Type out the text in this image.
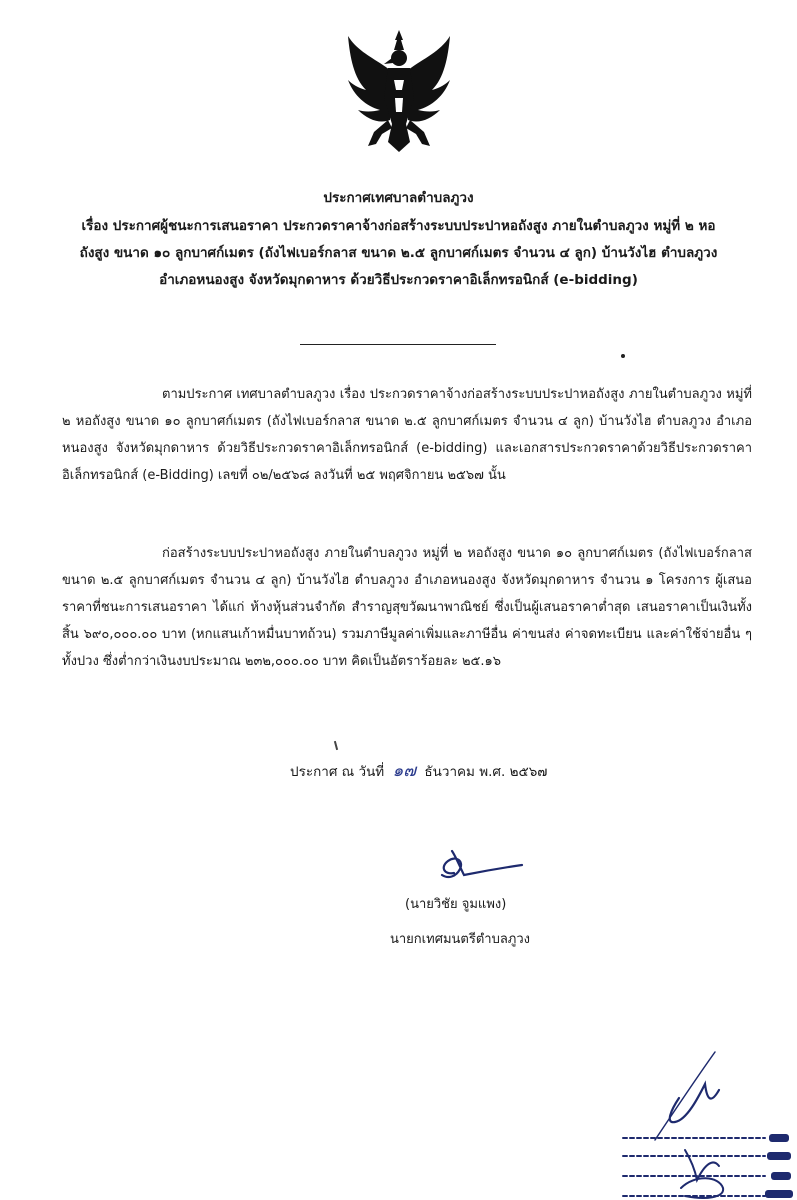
ประกาศเทศบาลตำบลภูวง
เรื่อง ประกาศผู้ชนะการเสนอราคา ประกวดราคาจ้างก่อสร้างระบบประปาหอถังสูง ภายในตำบลภูวง หมู่ที่ ๒ หอ
ถังสูง ขนาด ๑๐ ลูกบาศก์เมตร (ถังไฟเบอร์กลาส ขนาด ๒.๕ ลูกบาศก์เมตร จำนวน ๔ ลูก) บ้านวังไฮ ตำบลภูวง
อำเภอหนองสูง จังหวัดมุกดาหาร ด้วยวิธีประกวดราคาอิเล็กทรอนิกส์ (e-bidding)

ตามประกาศ เทศบาลตำบลภูวง เรื่อง ประกวดราคาจ้างก่อสร้างระบบประปาหอถังสูง ภายในตำบลภูวง หมู่ที่ ๒ หอถังสูง ขนาด ๑๐ ลูกบาศก์เมตร (ถังไฟเบอร์กลาส ขนาด ๒.๕ ลูกบาศก์เมตร จำนวน ๔ ลูก) บ้านวังไฮ ตำบลภูวง อำเภอหนองสูง จังหวัดมุกดาหาร ด้วยวิธีประกวดราคาอิเล็กทรอนิกส์ (e-bidding) และเอกสารประกวดราคาด้วยวิธีประกวดราคาอิเล็กทรอนิกส์ (e-Bidding) เลขที่ ๐๒/๒๕๖๘ ลงวันที่ ๒๕ พฤศจิกายน ๒๕๖๗ นั้น

ก่อสร้างระบบประปาหอถังสูง ภายในตำบลภูวง หมู่ที่ ๒ หอถังสูง ขนาด ๑๐ ลูกบาศก์เมตร (ถังไฟเบอร์กลาส ขนาด ๒.๕ ลูกบาศก์เมตร จำนวน ๔ ลูก) บ้านวังไฮ ตำบลภูวง อำเภอหนองสูง จังหวัดมุกดาหาร จำนวน ๑ โครงการ ผู้เสนอราคาที่ชนะการเสนอราคา ได้แก่ ห้างหุ้นส่วนจำกัด สำราญสุขวัฒนาพาณิชย์ ซึ่งเป็นผู้เสนอราคาต่ำสุด เสนอราคาเป็นเงินทั้งสิ้น ๖๙๐,๐๐๐.๐๐ บาท (หกแสนเก้าหมื่นบาทถ้วน) รวมภาษีมูลค่าเพิ่มและภาษีอื่น ค่าขนส่ง ค่าจดทะเบียน และค่าใช้จ่ายอื่น ๆ ทั้งปวง ซึ่งต่ำกว่าเงินงบประมาณ ๒๓๒,๐๐๐.๐๐ บาท คิดเป็นอัตราร้อยละ ๒๕.๑๖

ประกาศ ณ วันที่ ๑๗ ธันวาคม พ.ศ. ๒๕๖๗
(นายวิชัย จูมแพง)
นายกเทศมนตรีตำบลภูวง
